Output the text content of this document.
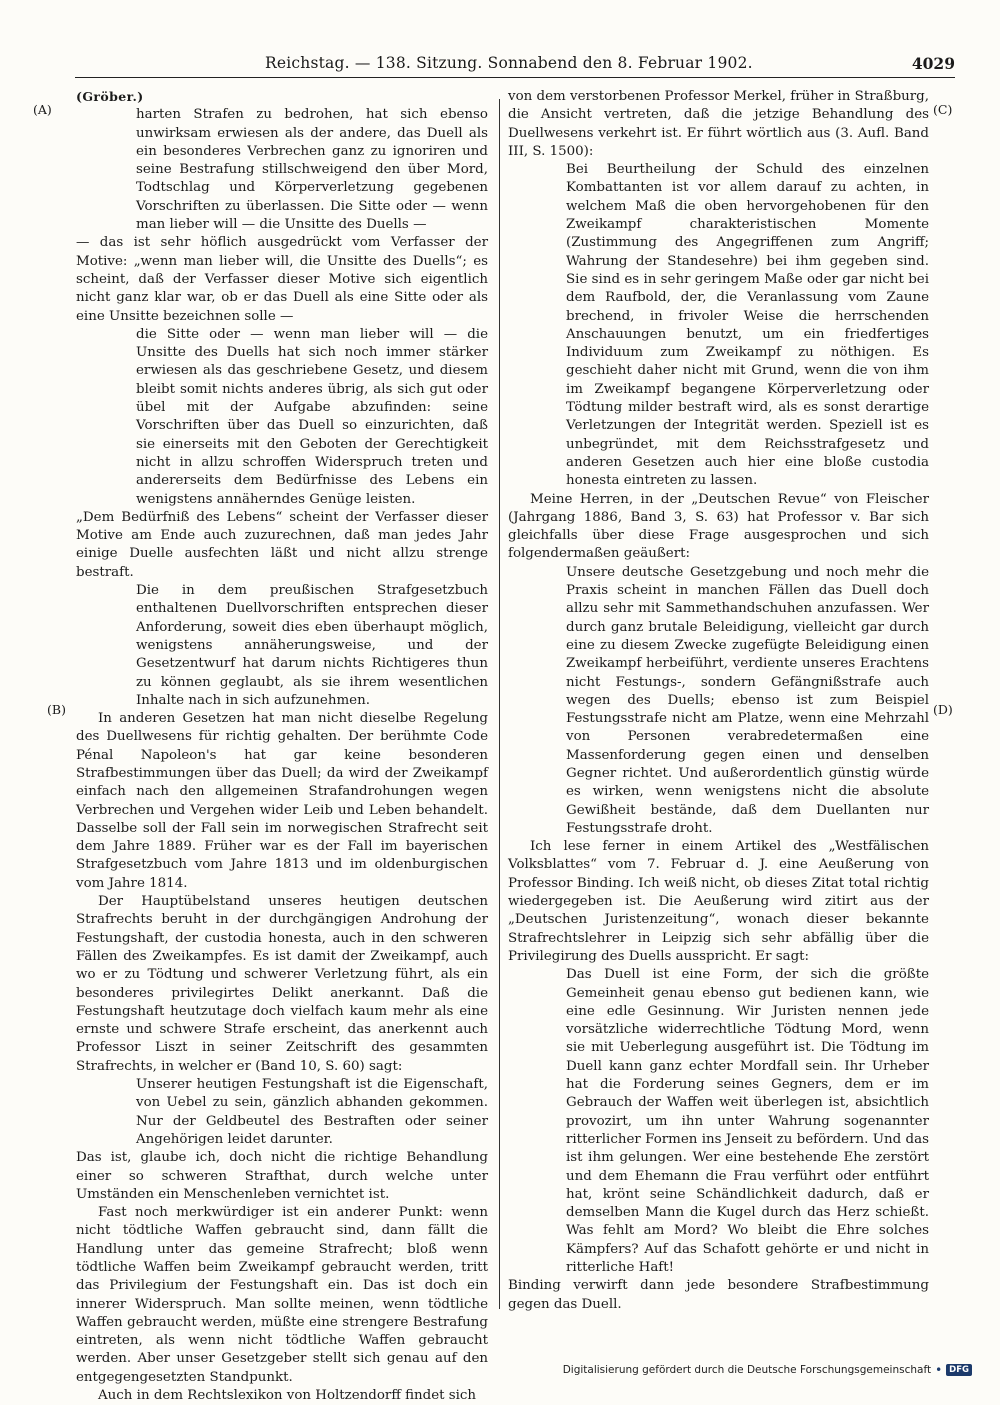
Reichstag. — 138. Sitzung. Sonnabend den 8. Februar 1902.	4029
(A)
(B)
(C)
(D)

(Gröber.)

harten Strafen zu bedrohen, hat sich ebenso unwirksam erwiesen als der andere, das Duell als ein besonderes Verbrechen ganz zu ignoriren und seine Bestrafung stillschweigend den über Mord, Todtschlag und Körperverletzung gegebenen Vorschriften zu überlassen. Die Sitte oder — wenn man lieber will — die Unsitte des Duells —

— das ist sehr höflich ausgedrückt vom Verfasser der Motive: „wenn man lieber will, die Unsitte des Duells“; es scheint, daß der Verfasser dieser Motive sich eigentlich nicht ganz klar war, ob er das Duell als eine Sitte oder als eine Unsitte bezeichnen solle —

die Sitte oder — wenn man lieber will — die Unsitte des Duells hat sich noch immer stärker erwiesen als das geschriebene Gesetz, und diesem bleibt somit nichts anderes übrig, als sich gut oder übel mit der Aufgabe abzufinden: seine Vorschriften über das Duell so einzurichten, daß sie einerseits mit den Geboten der Gerechtigkeit nicht in allzu schroffen Widerspruch treten und andererseits dem Bedürfnisse des Lebens ein wenigstens annäherndes Genüge leisten.

„Dem Bedürfniß des Lebens“ scheint der Verfasser dieser Motive am Ende auch zuzurechnen, daß man jedes Jahr einige Duelle ausfechten läßt und nicht allzu strenge bestraft.

Die in dem preußischen Strafgesetzbuch enthaltenen Duellvorschriften entsprechen dieser Anforderung, soweit dies eben überhaupt möglich, wenigstens annäherungsweise, und der Gesetzentwurf hat darum nichts Richtigeres thun zu können geglaubt, als sie ihrem wesentlichen Inhalte nach in sich aufzunehmen.

In anderen Gesetzen hat man nicht dieselbe Regelung des Duellwesens für richtig gehalten. Der berühmte Code Pénal Napoleon's hat gar keine besonderen Strafbestimmungen über das Duell; da wird der Zweikampf einfach nach den allgemeinen Strafandrohungen wegen Verbrechen und Vergehen wider Leib und Leben behandelt. Dasselbe soll der Fall sein im norwegischen Strafrecht seit dem Jahre 1889. Früher war es der Fall im bayerischen Strafgesetzbuch vom Jahre 1813 und im oldenburgischen vom Jahre 1814.

Der Hauptübelstand unseres heutigen deutschen Strafrechts beruht in der durchgängigen Androhung der Festungshaft, der custodia honesta, auch in den schweren Fällen des Zweikampfes. Es ist damit der Zweikampf, auch wo er zu Tödtung und schwerer Verletzung führt, als ein besonderes privilegirtes Delikt anerkannt. Daß die Festungshaft heutzutage doch vielfach kaum mehr als eine ernste und schwere Strafe erscheint, das anerkennt auch Professor Liszt in seiner Zeitschrift des gesammten Strafrechts, in welcher er (Band 10, S. 60) sagt:

Unserer heutigen Festungshaft ist die Eigenschaft, von Uebel zu sein, gänzlich abhanden gekommen. Nur der Geldbeutel des Bestraften oder seiner Angehörigen leidet darunter.

Das ist, glaube ich, doch nicht die richtige Behandlung einer so schweren Strafthat, durch welche unter Umständen ein Menschenleben vernichtet ist.

Fast noch merkwürdiger ist ein anderer Punkt: wenn nicht tödtliche Waffen gebraucht sind, dann fällt die Handlung unter das gemeine Strafrecht; bloß wenn tödtliche Waffen beim Zweikampf gebraucht werden, tritt das Privilegium der Festungshaft ein. Das ist doch ein innerer Widerspruch. Man sollte meinen, wenn tödtliche Waffen gebraucht werden, müßte eine strengere Bestrafung eintreten, als wenn nicht tödtliche Waffen gebraucht werden. Aber unser Gesetzgeber stellt sich genau auf den entgegengesetzten Standpunkt.

Auch in dem Rechtslexikon von Holtzendorff findet sich

von dem verstorbenen Professor Merkel, früher in Straßburg, die Ansicht vertreten, daß die jetzige Behandlung des Duellwesens verkehrt ist. Er führt wörtlich aus (3. Aufl. Band III, S. 1500):

Bei Beurtheilung der Schuld des einzelnen Kombattanten ist vor allem darauf zu achten, in welchem Maß die oben hervorgehobenen für den Zweikampf charakteristischen Momente (Zustimmung des Angegriffenen zum Angriff; Wahrung der Standesehre) bei ihm gegeben sind. Sie sind es in sehr geringem Maße oder gar nicht bei dem Raufbold, der, die Veranlassung vom Zaune brechend, in frivoler Weise die herrschenden Anschauungen benutzt, um ein friedfertiges Individuum zum Zweikampf zu nöthigen. Es geschieht daher nicht mit Grund, wenn die von ihm im Zweikampf begangene Körperverletzung oder Tödtung milder bestraft wird, als es sonst derartige Verletzungen der Integrität werden. Speziell ist es unbegründet, mit dem Reichsstrafgesetz und anderen Gesetzen auch hier eine bloße custodia honesta eintreten zu lassen.

Meine Herren, in der „Deutschen Revue“ von Fleischer (Jahrgang 1886, Band 3, S. 63) hat Professor v. Bar sich gleichfalls über diese Frage ausgesprochen und sich folgendermaßen geäußert:

Unsere deutsche Gesetzgebung und noch mehr die Praxis scheint in manchen Fällen das Duell doch allzu sehr mit Sammethandschuhen anzufassen. Wer durch ganz brutale Beleidigung, vielleicht gar durch eine zu diesem Zwecke zugefügte Beleidigung einen Zweikampf herbeiführt, verdiente unseres Erachtens nicht Festungs-, sondern Gefängnißstrafe auch wegen des Duells; ebenso ist zum Beispiel Festungsstrafe nicht am Platze, wenn eine Mehrzahl von Personen verabredetermaßen eine Massenforderung gegen einen und denselben Gegner richtet. Und außerordentlich günstig würde es wirken, wenn wenigstens nicht die absolute Gewißheit bestände, daß dem Duellanten nur Festungsstrafe droht.

Ich lese ferner in einem Artikel des „Westfälischen Volksblattes“ vom 7. Februar d. J. eine Aeußerung von Professor Binding. Ich weiß nicht, ob dieses Zitat total richtig wiedergegeben ist. Die Aeußerung wird zitirt aus der „Deutschen Juristenzeitung“, wonach dieser bekannte Strafrechtslehrer in Leipzig sich sehr abfällig über die Privilegirung des Duells ausspricht. Er sagt:

Das Duell ist eine Form, der sich die größte Gemeinheit genau ebenso gut bedienen kann, wie eine edle Gesinnung. Wir Juristen nennen jede vorsätzliche widerrechtliche Tödtung Mord, wenn sie mit Ueberlegung ausgeführt ist. Die Tödtung im Duell kann ganz echter Mordfall sein. Ihr Urheber hat die Forderung seines Gegners, dem er im Gebrauch der Waffen weit überlegen ist, absichtlich provozirt, um ihn unter Wahrung sogenannter ritterlicher Formen ins Jenseit zu befördern. Und das ist ihm gelungen. Wer eine bestehende Ehe zerstört und dem Ehemann die Frau verführt oder entführt hat, krönt seine Schändlichkeit dadurch, daß er demselben Mann die Kugel durch das Herz schießt. Was fehlt am Mord? Wo bleibt die Ehre solches Kämpfers? Auf das Schafott gehörte er und nicht in ritterliche Haft!

Binding verwirft dann jede besondere Strafbestimmung gegen das Duell.

Digitalisierung gefördert durch die Deutsche Forschungsgemeinschaft • DFG
